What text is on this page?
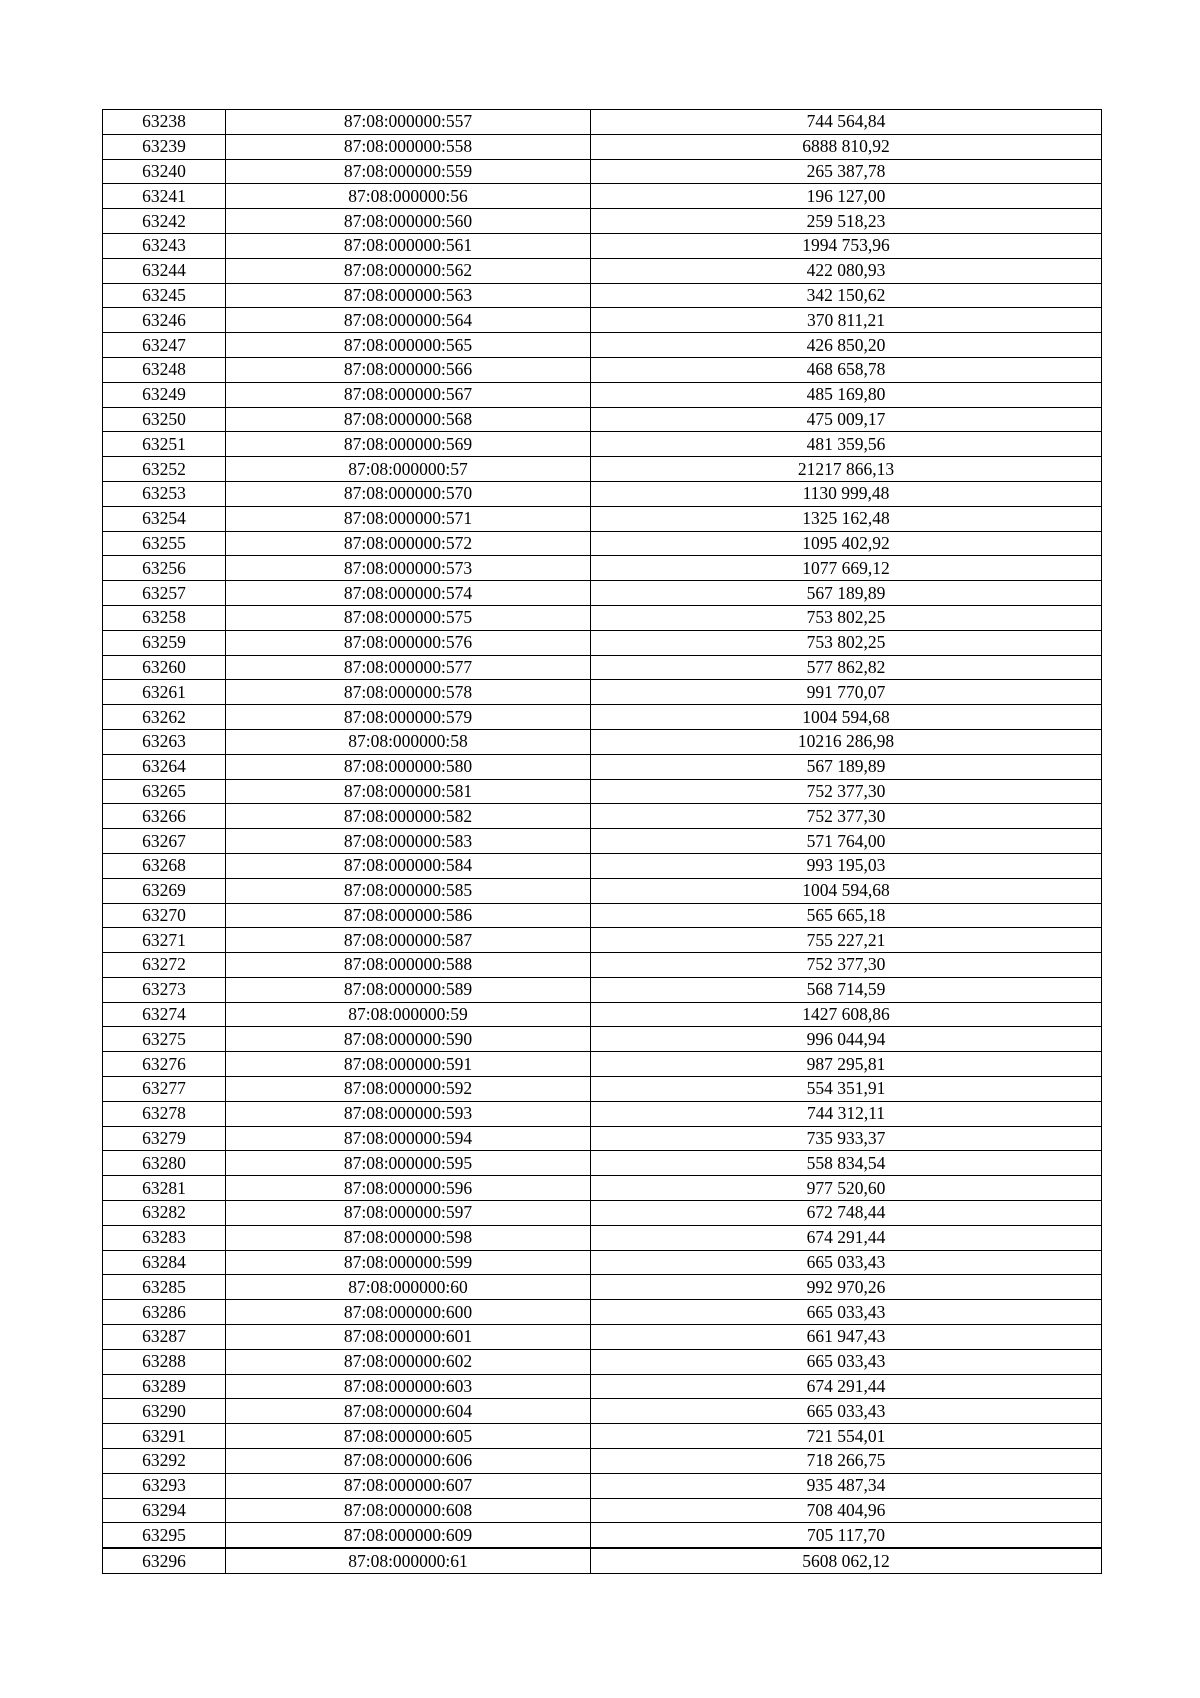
63238	87:08:000000:557	744 564,84
63239	87:08:000000:558	6888 810,92
63240	87:08:000000:559	265 387,78
63241	87:08:000000:56	196 127,00
63242	87:08:000000:560	259 518,23
63243	87:08:000000:561	1994 753,96
63244	87:08:000000:562	422 080,93
63245	87:08:000000:563	342 150,62
63246	87:08:000000:564	370 811,21
63247	87:08:000000:565	426 850,20
63248	87:08:000000:566	468 658,78
63249	87:08:000000:567	485 169,80
63250	87:08:000000:568	475 009,17
63251	87:08:000000:569	481 359,56
63252	87:08:000000:57	21217 866,13
63253	87:08:000000:570	1130 999,48
63254	87:08:000000:571	1325 162,48
63255	87:08:000000:572	1095 402,92
63256	87:08:000000:573	1077 669,12
63257	87:08:000000:574	567 189,89
63258	87:08:000000:575	753 802,25
63259	87:08:000000:576	753 802,25
63260	87:08:000000:577	577 862,82
63261	87:08:000000:578	991 770,07
63262	87:08:000000:579	1004 594,68
63263	87:08:000000:58	10216 286,98
63264	87:08:000000:580	567 189,89
63265	87:08:000000:581	752 377,30
63266	87:08:000000:582	752 377,30
63267	87:08:000000:583	571 764,00
63268	87:08:000000:584	993 195,03
63269	87:08:000000:585	1004 594,68
63270	87:08:000000:586	565 665,18
63271	87:08:000000:587	755 227,21
63272	87:08:000000:588	752 377,30
63273	87:08:000000:589	568 714,59
63274	87:08:000000:59	1427 608,86
63275	87:08:000000:590	996 044,94
63276	87:08:000000:591	987 295,81
63277	87:08:000000:592	554 351,91
63278	87:08:000000:593	744 312,11
63279	87:08:000000:594	735 933,37
63280	87:08:000000:595	558 834,54
63281	87:08:000000:596	977 520,60
63282	87:08:000000:597	672 748,44
63283	87:08:000000:598	674 291,44
63284	87:08:000000:599	665 033,43
63285	87:08:000000:60	992 970,26
63286	87:08:000000:600	665 033,43
63287	87:08:000000:601	661 947,43
63288	87:08:000000:602	665 033,43
63289	87:08:000000:603	674 291,44
63290	87:08:000000:604	665 033,43
63291	87:08:000000:605	721 554,01
63292	87:08:000000:606	718 266,75
63293	87:08:000000:607	935 487,34
63294	87:08:000000:608	708 404,96
63295	87:08:000000:609	705 117,70
63296	87:08:000000:61	5608 062,12
